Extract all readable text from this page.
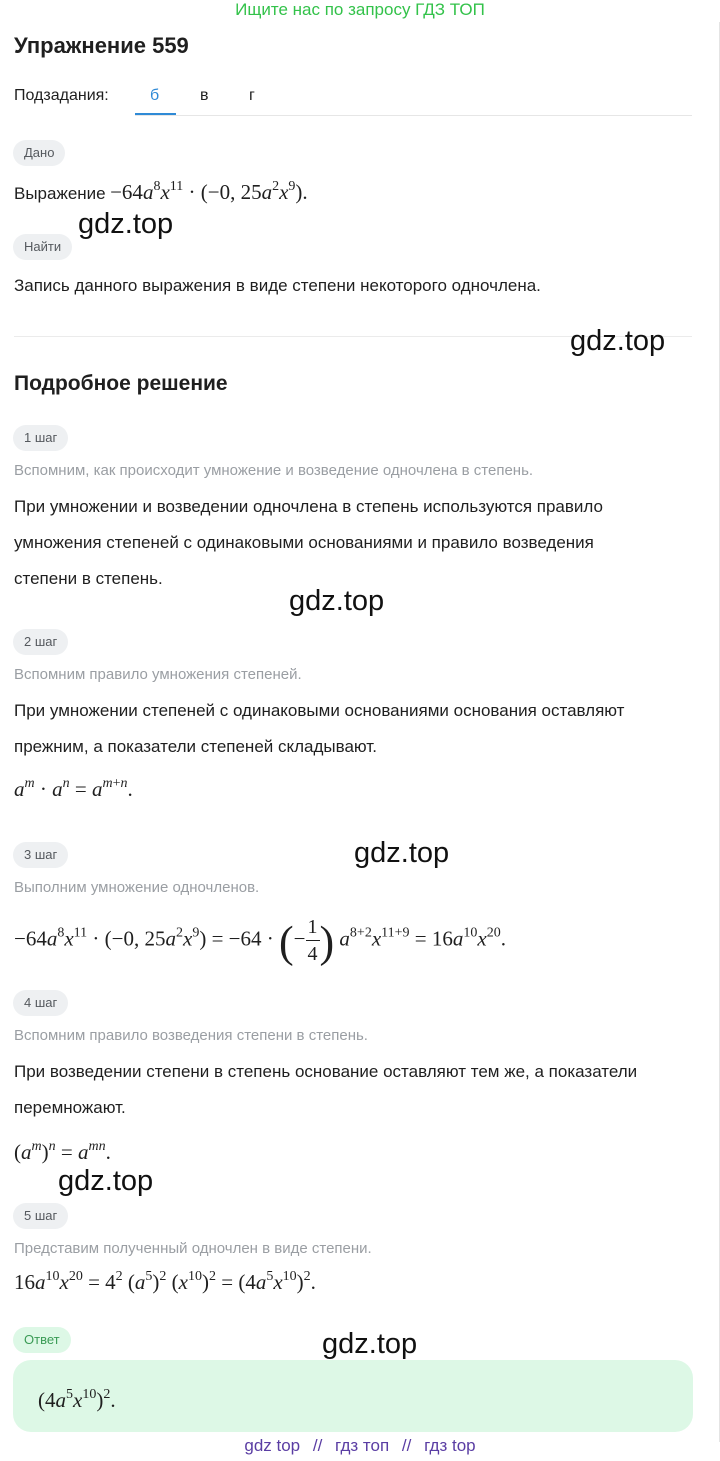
Ищите нас по запросу ГДЗ ТОП
Упражнение 559
Подзадания:	б	в	г
Дано
Выражение $-64a^8x^{11} \cdot (-0$, $25a^2x^9$).
Найти
Запись данного выражения в виде степени некоторого одночлена.
Подробное решение
1 шаг
Вспомним, как происходит умножение и возведение одночлена в степень.
При умножении и возведении одночлена в степень используются правило
умножения степеней с одинаковыми основаниями и правило возведения
степени в степень.
2 шаг
Вспомним правило умножения степеней.
При умножении степеней с одинаковыми основаниями основания оставляют
прежним, а показатели степеней складывают.
$a^m \cdot a^n = a^{m+n}$.
3 шаг
Выполним умножение одночленов.
$-64a^8x^{11} \cdot (-0$, $25a^2x^9) = -64$ · (− $\frac{1}{4}$ ) $a^{8+2}x^{11+9} = 16a^{10}x^{20}$.
4 шаг
Вспомним правило возведения степени в степень.
При возведении степени в степень основание оставляют тем же, а показатели
перемножают.
$(a^m)^n = a^{mn}$.
5 шаг
Представим полученный одночлен в виде степени.
$16a^{10}x^{20} = 4^2$ $(a^5)^2$ $(x^{10})^2 = (4a^5x^{10})^2$.
Ответ
$(4a^5x^{10})^2$.
gdz.top
gdz.top
gdz.top
gdz.top
gdz.top
gdz.top
gdz top // гдз топ // гдз top
